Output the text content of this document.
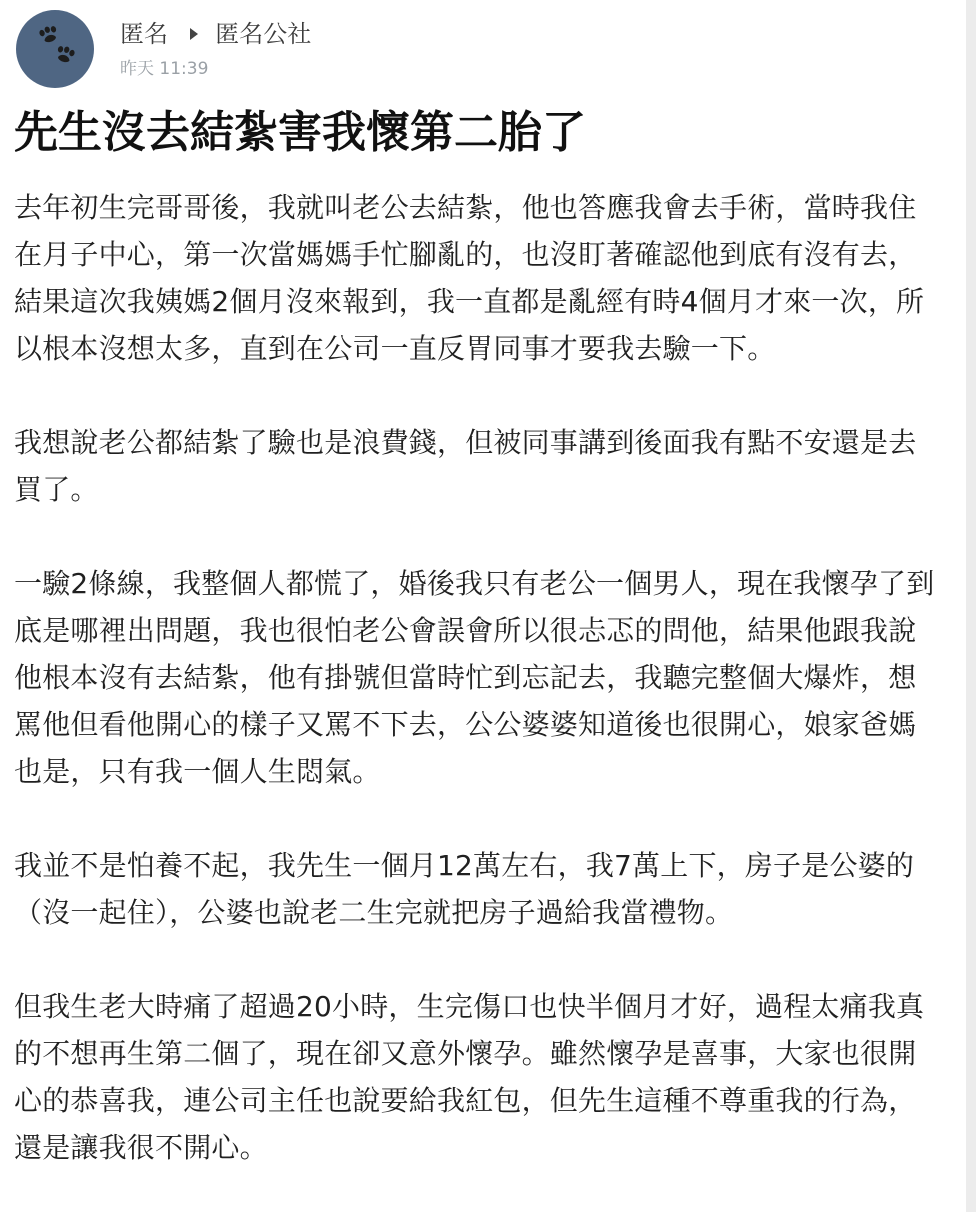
匿名 匿名公社
昨天 11:39
先生沒去結紮害我懷第二胎了

去年初生完哥哥後，我就叫老公去結紮，他也答應我會去手術，當時我住在月子中心，第一次當媽媽手忙腳亂的，也沒盯著確認他到底有沒有去，結果這次我姨媽2個月沒來報到，我一直都是亂經有時4個月才來一次，所以根本沒想太多，直到在公司一直反胃同事才要我去驗一下。

我想說老公都結紮了驗也是浪費錢，但被同事講到後面我有點不安還是去買了。

一驗2條線，我整個人都慌了，婚後我只有老公一個男人，現在我懷孕了到底是哪裡出問題，我也很怕老公會誤會所以很忐忑的問他，結果他跟我說他根本沒有去結紮，他有掛號但當時忙到忘記去，我聽完整個大爆炸，想罵他但看他開心的樣子又罵不下去，公公婆婆知道後也很開心，娘家爸媽也是，只有我一個人生悶氣。

我並不是怕養不起，我先生一個月12萬左右，我7萬上下，房子是公婆的（沒一起住），公婆也說老二生完就把房子過給我當禮物。

但我生老大時痛了超過20小時，生完傷口也快半個月才好，過程太痛我真的不想再生第二個了，現在卻又意外懷孕。雖然懷孕是喜事，大家也很開心的恭喜我，連公司主任也說要給我紅包，但先生這種不尊重我的行為，還是讓我很不開心。
